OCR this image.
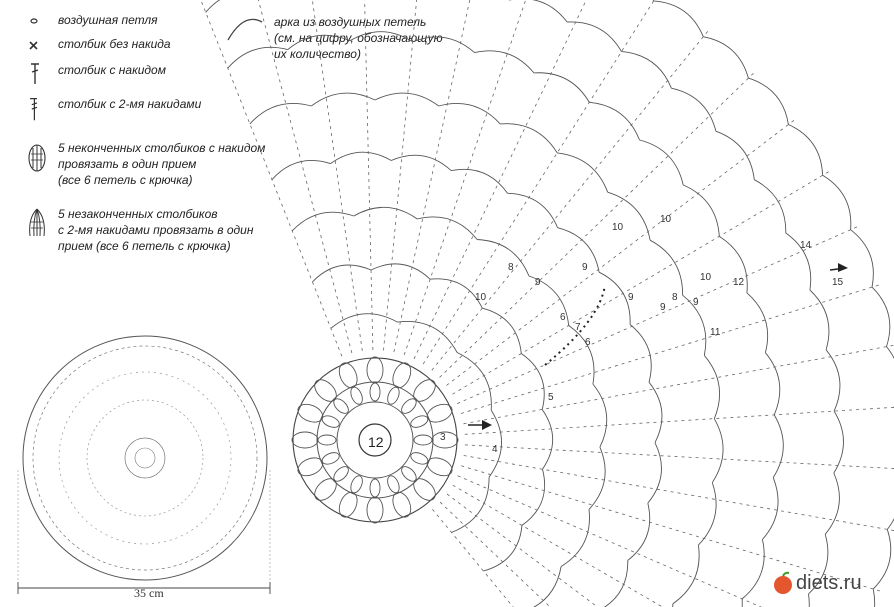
воздушная петля
столбик без накида
столбик с накидом
столбик с 2-мя накидами
5 неконченных столбиков с накидом
провязать в один прием
(все 6 петель с крючка)
5 незаконченных столбиков
с 2-мя накидами провязать в один
прием (все 6 петель с крючка)
арка из воздушных петель
(см. на цифру, обозначающую
их количество)
12
10
9
9
10
10
8
9
9	9
10
11
12
14
15
7
6
5
4
3
6
8
35 cm	diets.ru
